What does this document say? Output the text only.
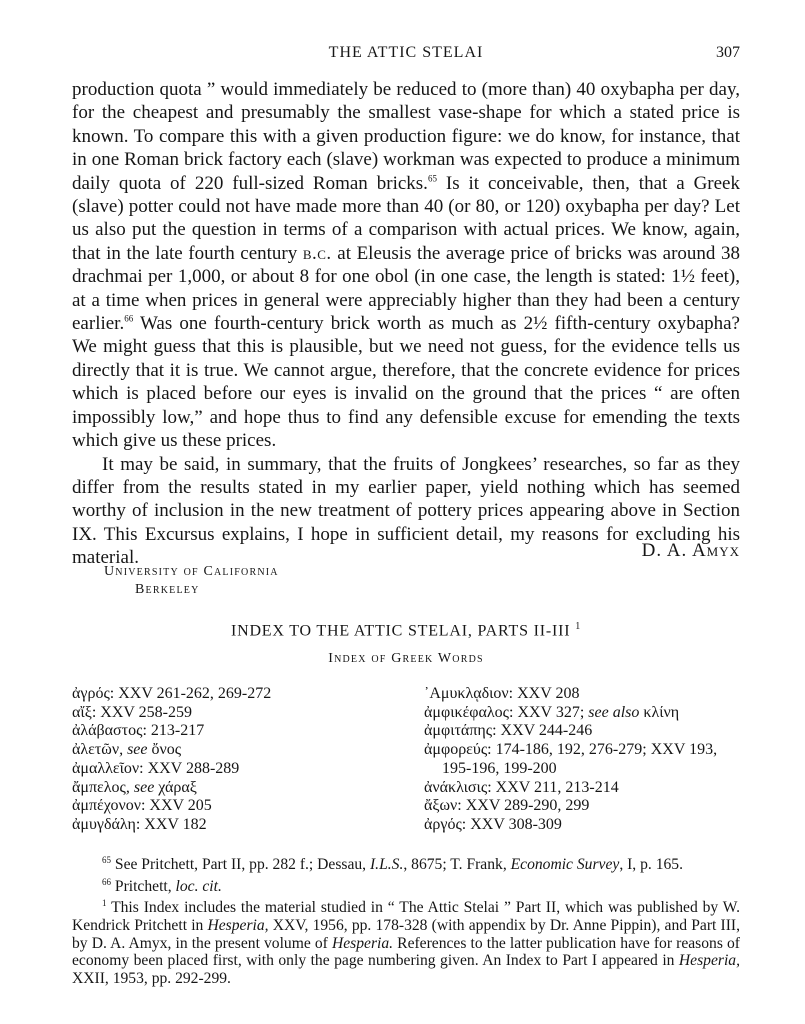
THE ATTIC STELAI	307

production quota ” would immediately be reduced to (more than) 40 oxybapha per day, for the cheapest and presumably the smallest vase-shape for which a stated price is known. To compare this with a given production figure: we do know, for instance, that in one Roman brick factory each (slave) workman was expected to produce a minimum daily quota of 220 full-sized Roman bricks.$^{65}$ Is it conceivable, then, that a Greek (slave) potter could not have made more than 40 (or 80, or 120) oxybapha per day? Let us also put the question in terms of a comparison with actual prices. We know, again, that in the late fourth century b.c. at Eleusis the average price of bricks was around 38 drachmai per 1,000, or about 8 for one obol (in one case, the length is stated: 1½ feet), at a time when prices in general were appreciably higher than they had been a century earlier.$^{66}$ Was one fourth-century brick worth as much as 2½ fifth-century oxybapha? We might guess that this is plausible, but we need not guess, for the evidence tells us directly that it is true. We cannot argue, therefore, that the concrete evidence for prices which is placed before our eyes is invalid on the ground that the prices “ are often impossibly low,” and hope thus to find any defensible excuse for emending the texts which give us these prices.

It may be said, in summary, that the fruits of Jongkees’ researches, so far as they differ from the results stated in my earlier paper, yield nothing which has seemed worthy of inclusion in the new treatment of pottery prices appearing above in Section IX. This Excursus explains, I hope in sufficient detail, my reasons for excluding his material.	D. A. Amyx
University of California
Berkeley
INDEX TO THE ATTIC STELAI, PARTS II-III $^1$
Index of Greek Words
ἀγρός: XXV 261-262, 269-272
αἴξ: XXV 258-259
ἀλάβαστος: 213-217
ἀλετῶν, see ὄνος
ἀμαλλεῖον: XXV 288-289
ἄμπελος, see χάραξ
ἀμπέχονον: XXV 205
ἀμυγδάλη: XXV 182
᾿Αμυκλᾳδιον: XXV 208
ἀμφικέφαλος: XXV 327; see also κλίνη
ἀμφιτάπης: XXV 244-246
ἀμφορεύς: 174-186, 192, 276-279; XXV 193,
195-196, 199-200
ἀνάκλισις: XXV 211, 213-214
ἄξων: XXV 289-290, 299
ἀργός: XXV 308-309

$^{65}$ See Pritchett, Part II, pp. 282 f.; Dessau, I.L.S., 8675; T. Frank, Economic Survey, I, p. 165.

$^{66}$ Pritchett, loc. cit.

$^1$ This Index includes the material studied in “ The Attic Stelai ” Part II, which was published by W. Kendrick Pritchett in Hesperia, XXV, 1956, pp. 178-328 (with appendix by Dr. Anne Pippin), and Part III, by D. A. Amyx, in the present volume of Hesperia. References to the latter publication have for reasons of economy been placed first, with only the page numbering given. An Index to Part I appeared in Hesperia, XXII, 1953, pp. 292-299.
